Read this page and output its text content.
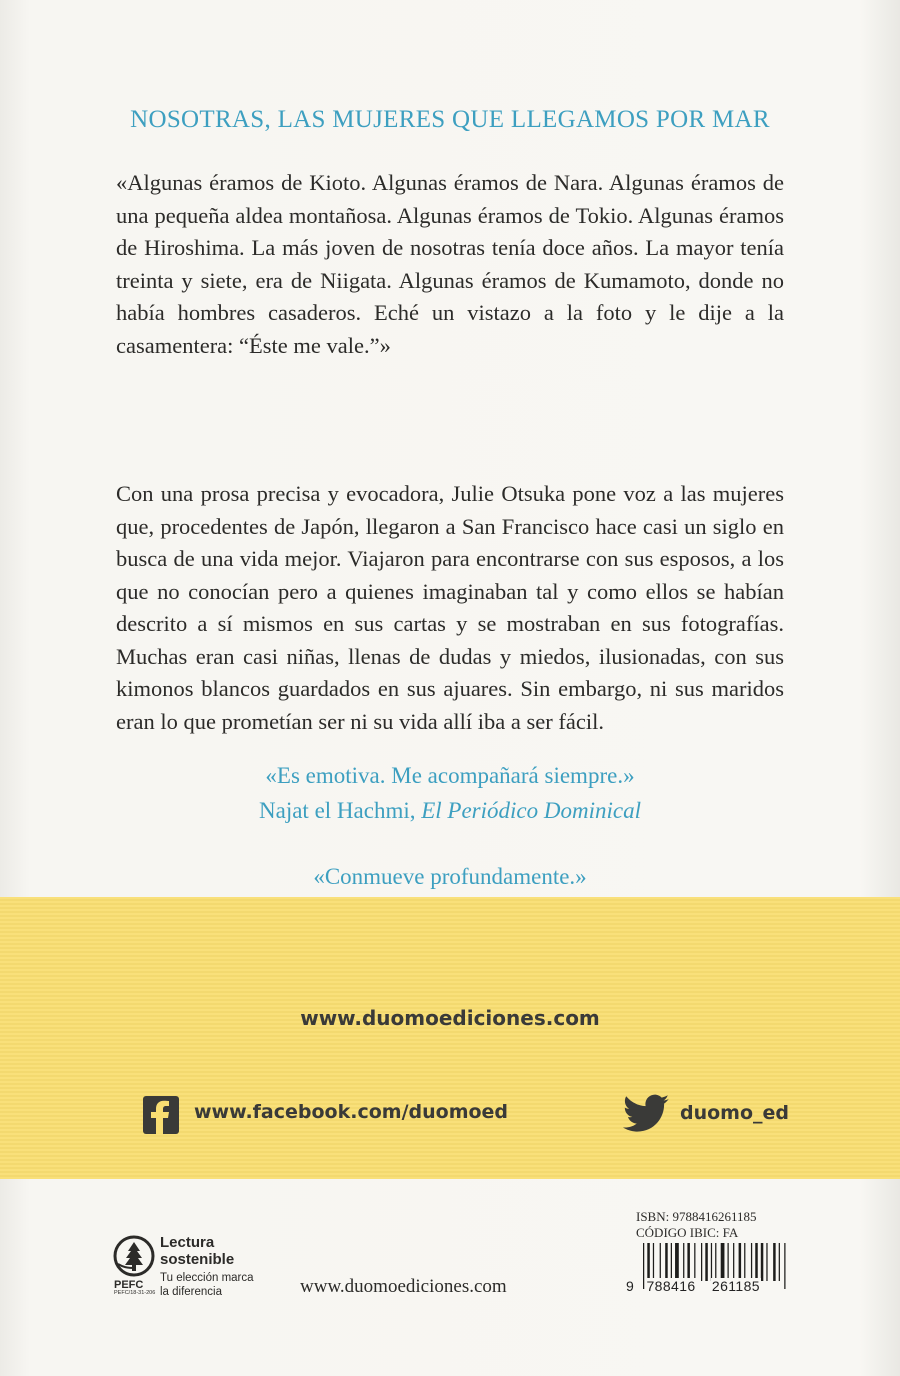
NOSOTRAS, LAS MUJERES QUE LLEGAMOS POR MAR

«Algunas éramos de Kioto. Algunas éramos de Nara. Algunas éramos de una pequeña aldea montañosa. Algunas éramos de Tokio. Algunas éramos de Hiroshima. La más joven de nosotras tenía doce años. La mayor tenía treinta y siete, era de Niigata. Algunas éramos de Kumamoto, donde no había hombres casaderos. Eché un vistazo a la foto y le dije a la casamentera: “Éste me vale.”»

Con una prosa precisa y evocadora, Julie Otsuka pone voz a las mujeres que, procedentes de Japón, llegaron a San Francisco hace casi un siglo en busca de una vida mejor. Viajaron para encontrarse con sus esposos, a los que no conocían pero a quienes imaginaban tal y como ellos se habían descrito a sí mismos en sus cartas y se mostraban en sus fotografías. Muchas eran casi niñas, llenas de dudas y miedos, ilusionadas, con sus kimonos blancos guardados en sus ajuares. Sin embargo, ni sus maridos eran lo que prometían ser ni su vida allí iba a ser fácil.

«Es emotiva. Me acompañará siempre.»
Najat el Hachmi, El Periódico Dominical
«Conmueve profundamente.»
www.duomoediciones.com
www.facebook.com/duomoed	duomo_ed
PEFC
Lectura sostenible
Tu elección marca la diferencia
PEFC/18-31-206	www.duomoediciones.com
ISBN: 9788416261185
CÓDIGO IBIC: FA
9 788416 261185
